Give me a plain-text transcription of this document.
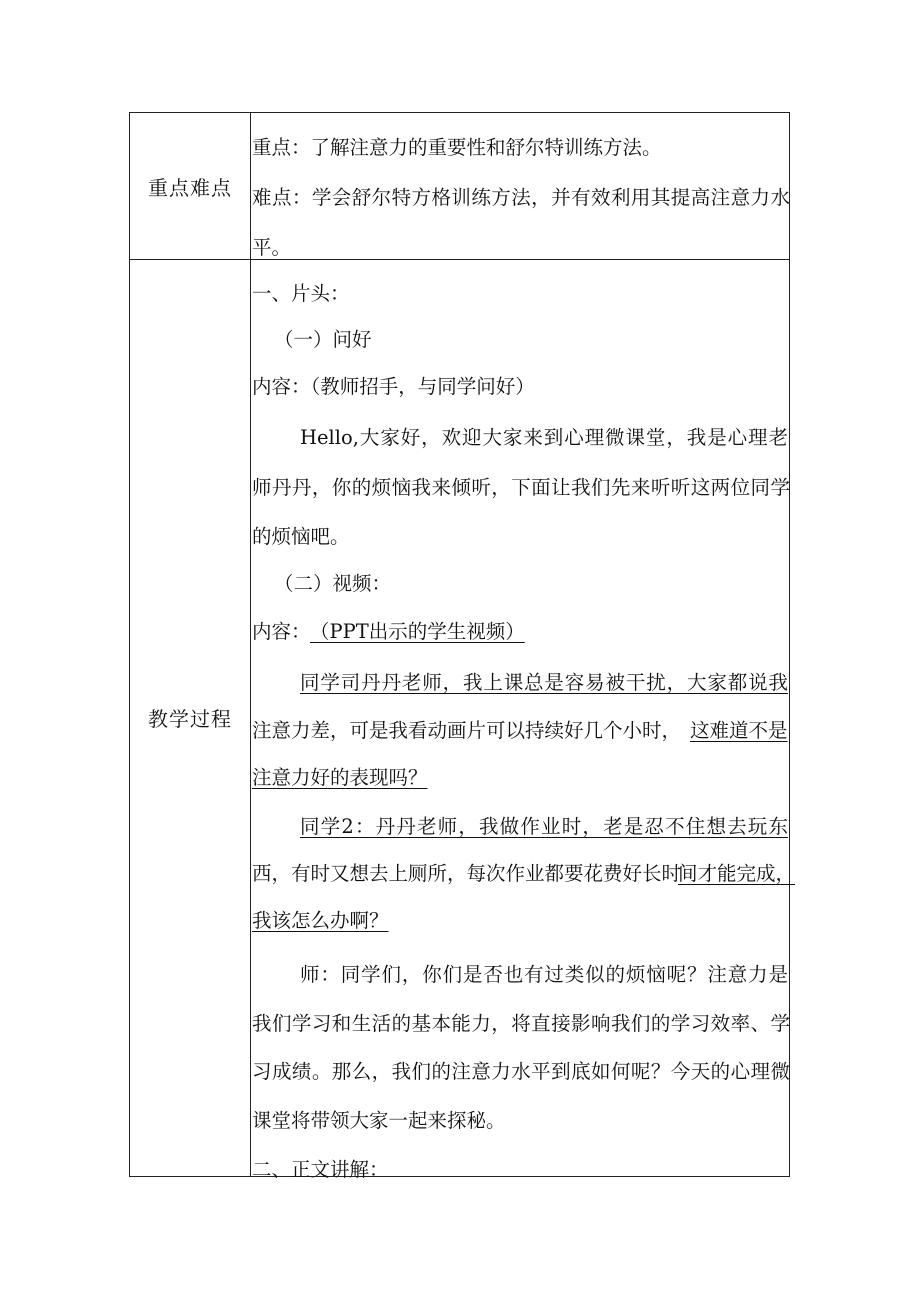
重点难点
重点：了解注意力的重要性和舒尔特训练方法。
难点：学会舒尔特方格训练方法，并有效利用其提高注意力水
平。
教学过程
一、片头：
（一）问好
内容：（教师招手，与同学问好）
Hello,大家好，欢迎大家来到心理微课堂，我是心理老
师丹丹，你的烦恼我来倾听，下面让我们先来听听这两位同学
的烦恼吧。
（二）视频：
内容： （PPT出示的学生视频）
同学司丹丹老师，我上课总是容易被干扰，大家都说我
注意力差，可是我看动画片可以持续好几个小时， 这难道不是
注意力好的表现吗？
同学2：丹丹老师，我做作业时，老是忍不住想去玩东
西，有时又想去上厕所，每次作业都要花费好长时
间才能完成，
我该怎么办啊？
师：同学们，你们是否也有过类似的烦恼呢？注意力是
我们学习和生活的基本能力，将直接影响我们的学习效率、学
习成绩。那么，我们的注意力水平到底如何呢？今天的心理微
课堂将带领大家一起来探秘。
二、正文讲解：
